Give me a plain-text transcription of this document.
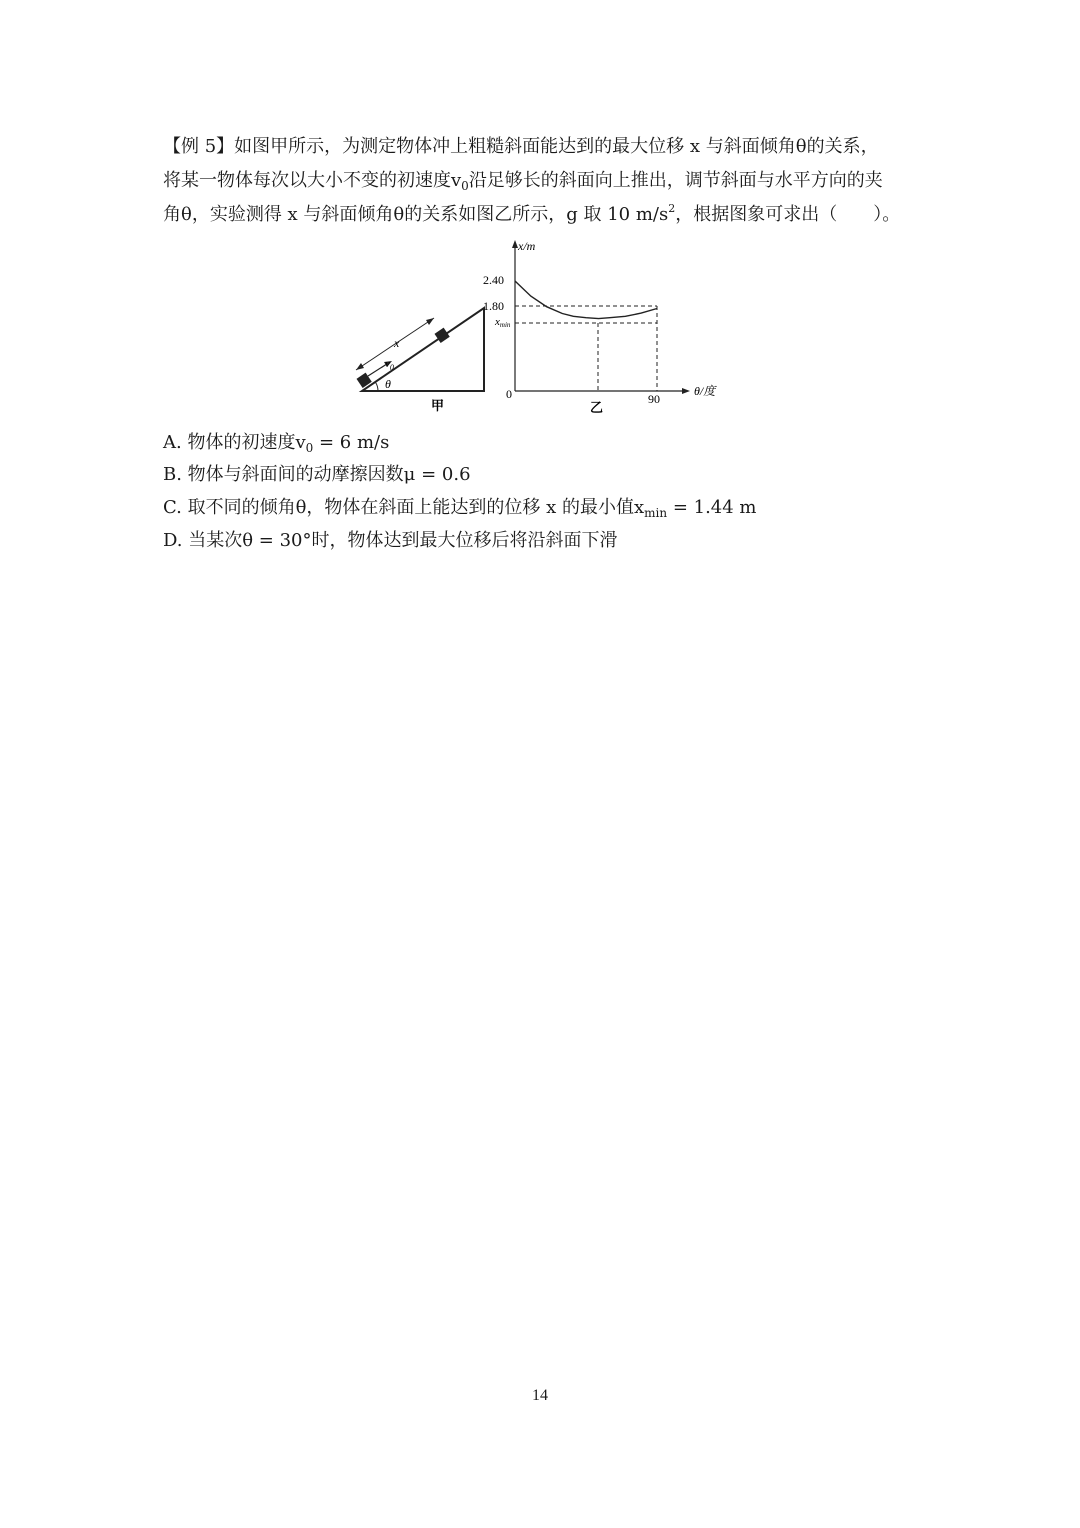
【例 5】如图甲所示，为测定物体冲上粗糙斜面能达到的最大位移 x 与斜面倾角θ的关系，
将某一物体每次以大小不变的初速度$v_0$沿足够长的斜面向上推出，调节斜面与水平方向的夹
角θ，实验测得 x 与斜面倾角θ的关系如图乙所示，g 取 10 $m/s^2$，根据图象可求出（　　）。
x
$v_0$
θ
甲
x/m
2.40
1.80
xmin
0	90
θ/度
乙
A. 物体的初速度$v_0 = 6$ m/s
B. 物体与斜面间的动摩擦因数μ = 0.6
C. 取不同的倾角θ，物体在斜面上能达到的位移 x 的最小值$x_{min} = 1.44$ m
D. 当某次θ = 30°时，物体达到最大位移后将沿斜面下滑
14
